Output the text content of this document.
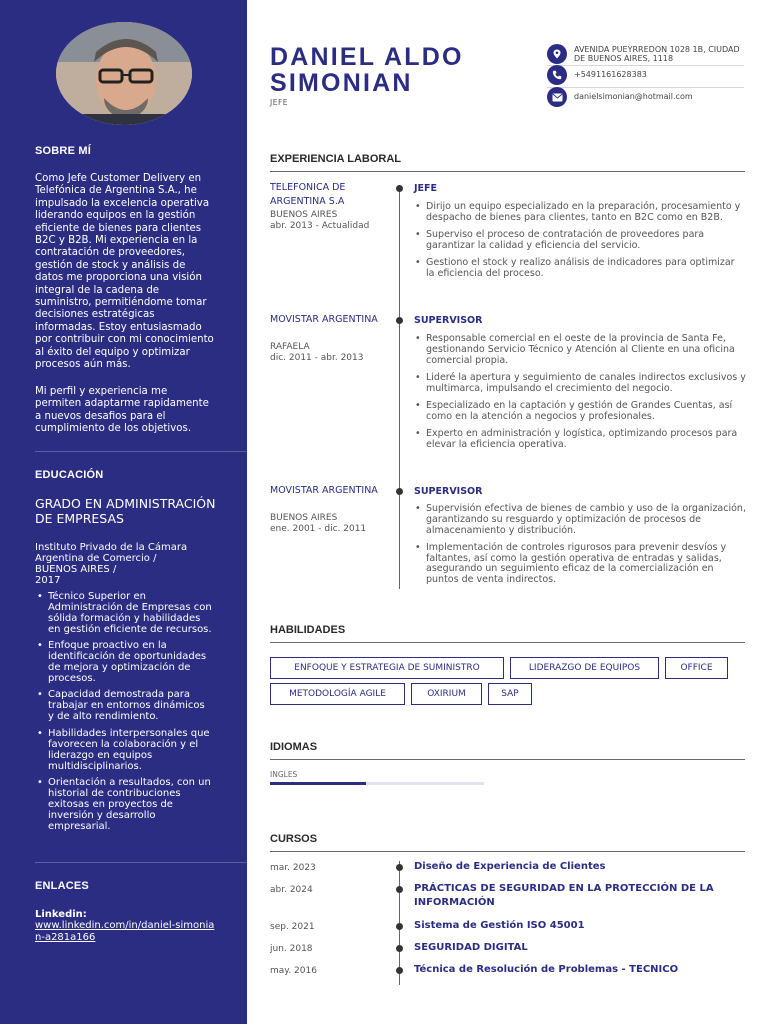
SOBRE MÍ
Como Jefe Customer Delivery en Telefónica de Argentina S.A., he impulsado la excelencia operativa liderando equipos en la gestión eficiente de bienes para clientes B2C y B2B. Mi experiencia en la contratación de proveedores, gestión de stock y análisis de datos me proporciona una visión integral de la cadena de suministro, permitiéndome tomar decisiones estratégicas informadas. Estoy entusiasmado por contribuir con mi conocimiento al éxito del equipo y optimizar procesos aún más.
Mi perfil y experiencia me permiten adaptarme rapidamente a nuevos desafios para el cumplimiento de los objetivos.
EDUCACIÓN
GRADO EN ADMINISTRACIÓN DE EMPRESAS
Instituto Privado de la Cámara Argentina de Comercio /
BUENOS AIRES /
2017
• Técnico Superior en Administración de Empresas con sólida formación y habilidades en gestión eficiente de recursos.
• Enfoque proactivo en la identificación de oportunidades de mejora y optimización de procesos.
• Capacidad demostrada para trabajar en entornos dinámicos y de alto rendimiento.
• Habilidades interpersonales que favorecen la colaboración y el liderazgo en equipos multidisciplinarios.
• Orientación a resultados, con un historial de contribuciones exitosas en proyectos de inversión y desarrollo empresarial.
ENLACES
Linkedin:
www.linkedin.com/in/daniel-simonian-a281a166
DANIEL ALDO SIMONIAN
JEFE
AVENIDA PUEYRREDON 1028 1B, CIUDAD DE BUENOS AIRES, 1118
+5491161628383
danielsimonian@hotmail.com
EXPERIENCIA LABORAL
TELEFONICA DE ARGENTINA S.A
BUENOS AIRES
abr. 2013 - Actualidad
JEFE
• Dirijo un equipo especializado en la preparación, procesamiento y despacho de bienes para clientes, tanto en B2C como en B2B.
• Superviso el proceso de contratación de proveedores para garantizar la calidad y eficiencia del servicio.
• Gestiono el stock y realizo análisis de indicadores para optimizar la eficiencia del proceso.
MOVISTAR ARGENTINA
RAFAELA
dic. 2011 - abr. 2013
SUPERVISOR
• Responsable comercial en el oeste de la provincia de Santa Fe, gestionando Servicio Técnico y Atención al Cliente en una oficina comercial propia.
• Lideré la apertura y seguimiento de canales indirectos exclusivos y multimarca, impulsando el crecimiento del negocio.
• Especializado en la captación y gestión de Grandes Cuentas, así como en la atención a negocios y profesionales.
• Experto en administración y logística, optimizando procesos para elevar la eficiencia operativa.
MOVISTAR ARGENTINA
BUENOS AIRES
ene. 2001 - dic. 2011
SUPERVISOR
• Supervisión efectiva de bienes de cambio y uso de la organización, garantizando su resguardo y optimización de procesos de almacenamiento y distribución.
• Implementación de controles rigurosos para prevenir desvíos y faltantes, así como la gestión operativa de entradas y salidas, asegurando un seguimiento eficaz de la comercialización en puntos de venta indirectos.
HABILIDADES
ENFOQUE Y ESTRATEGIA DE SUMINISTRO	LIDERAZGO DE EQUIPOS	OFFICE
METODOLOGÍA AGILE	OXIRIUM	SAP
IDIOMAS
INGLES
CURSOS
mar. 2023	Diseño de Experiencia de Clientes
abr. 2024	PRÁCTICAS DE SEGURIDAD EN LA PROTECCIÓN DE LA INFORMACIÓN
sep. 2021	Sistema de Gestión ISO 45001
jun. 2018	SEGURIDAD DIGITAL
may. 2016	Técnica de Resolución de Problemas - TECNICO
